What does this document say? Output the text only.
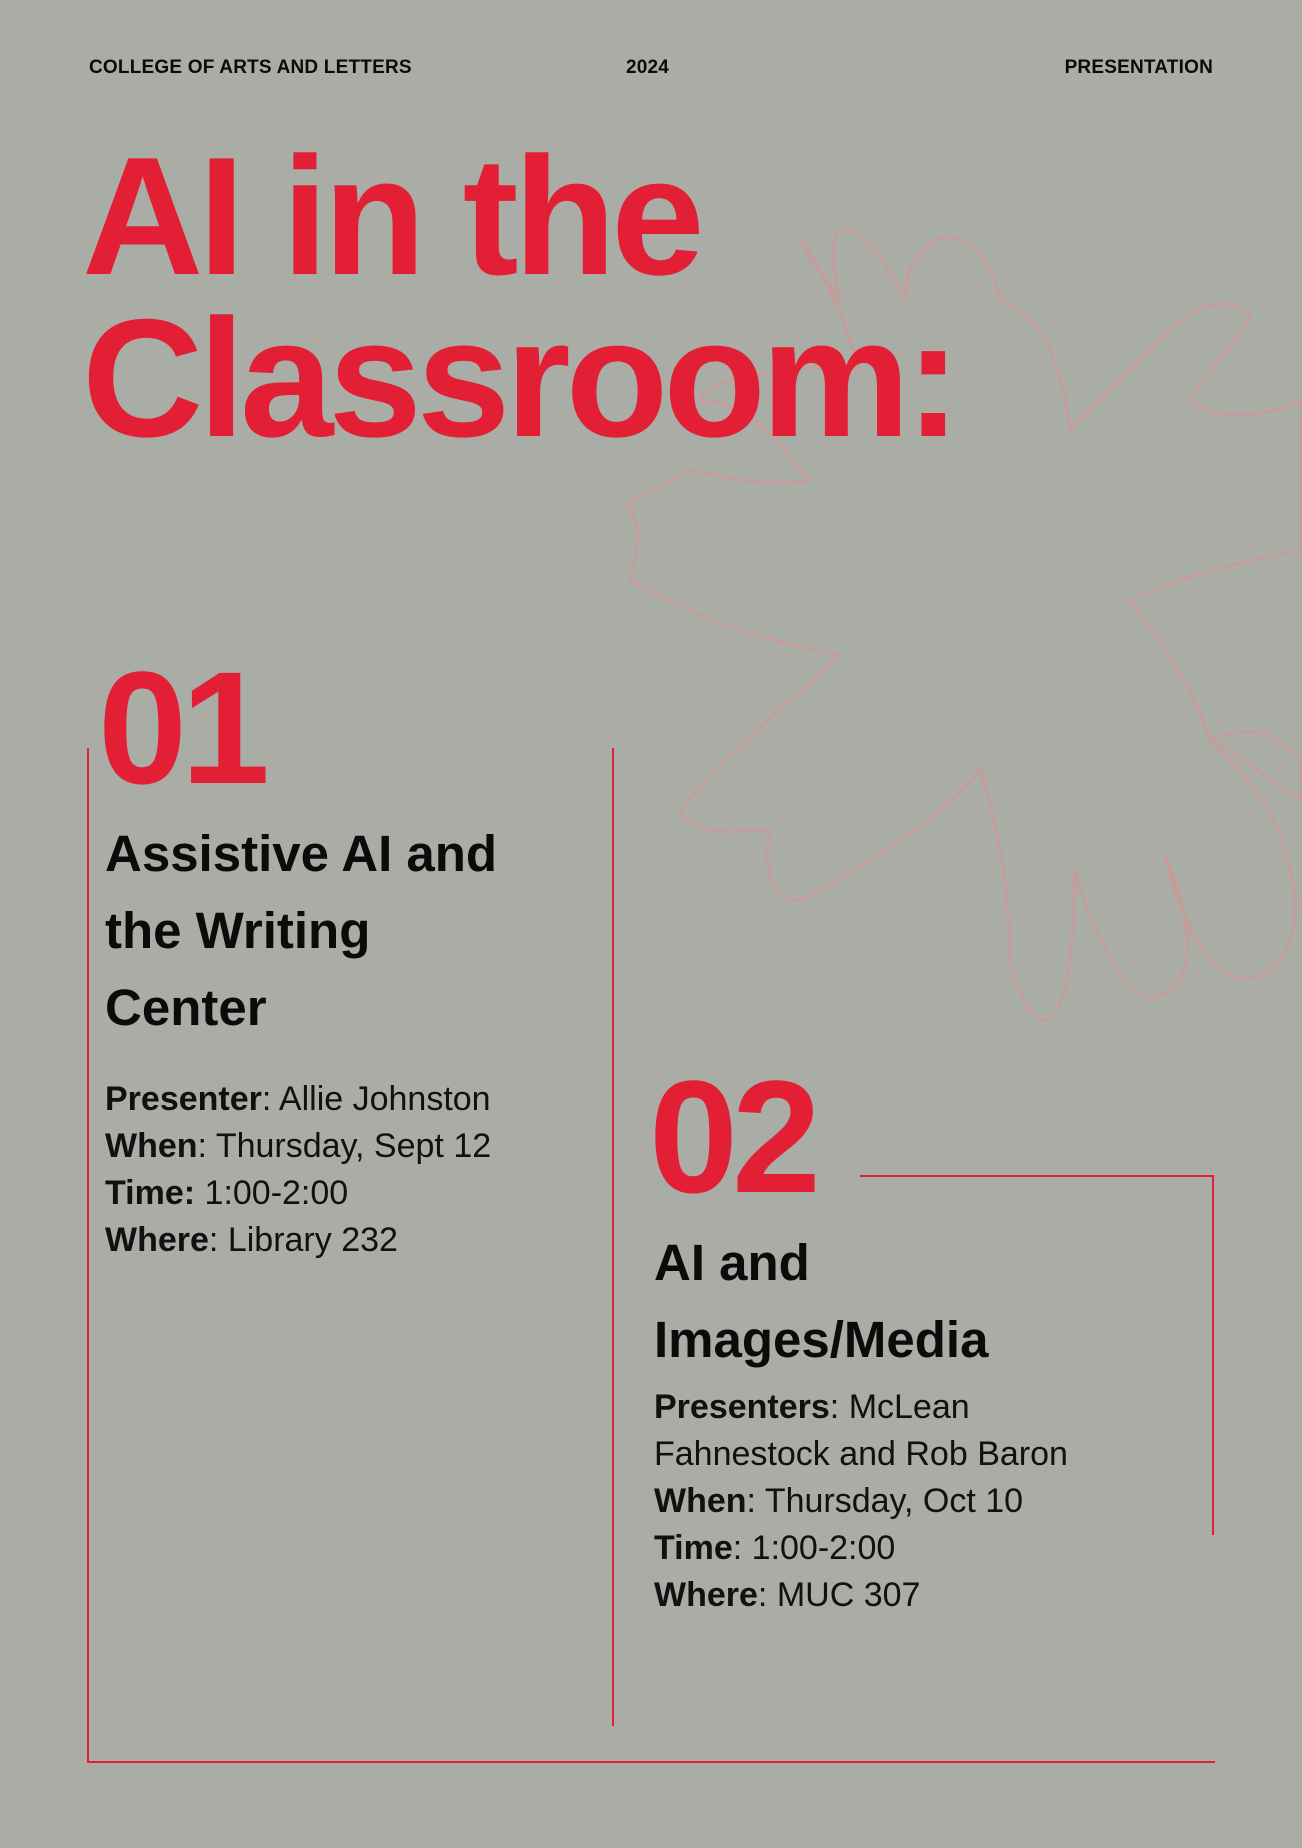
COLLEGE OF ARTS AND LETTERS	2024	PRESENTATION
AI in the
Classroom:
01
Assistive AI and
the Writing
Center

Presenter: Allie Johnston

When: Thursday, Sept 12

Time: 1:00-2:00

Where: Library 232

02
AI and
Images/Media

Presenters: McLean

Fahnestock and Rob Baron

When: Thursday, Oct 10

Time: 1:00-2:00

Where: MUC 307
